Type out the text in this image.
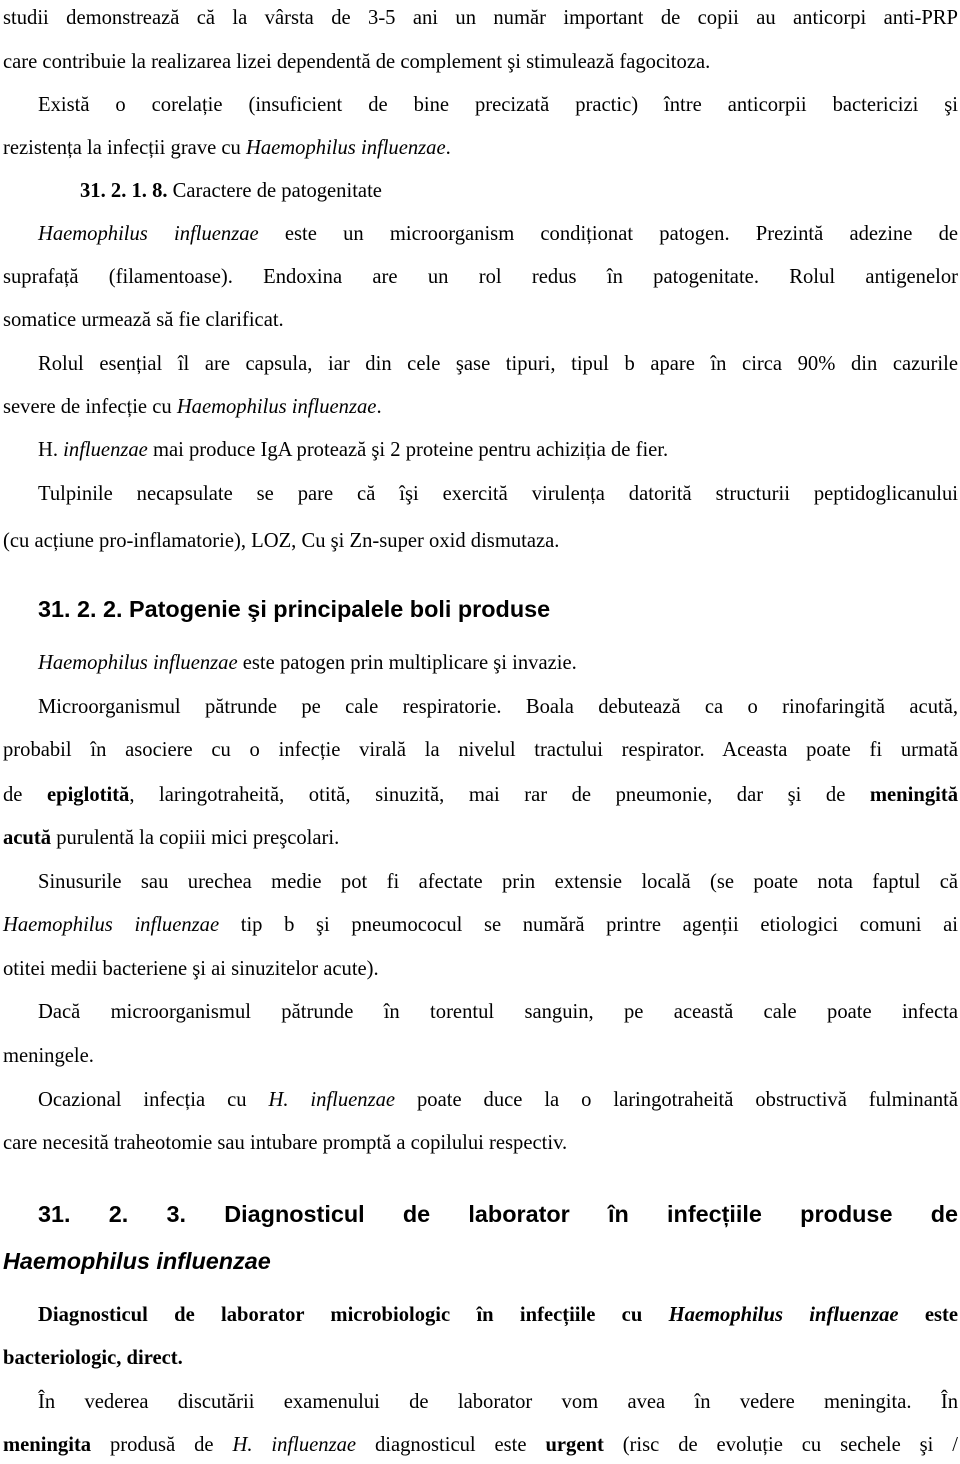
studii demonstrează că la vârsta de 3-5 ani un număr important de copii au anticorpi anti-PRP
care contribuie la realizarea lizei dependentă de complement şi stimulează fagocitoza.
Există o corelație (insuficient de bine precizată practic) între anticorpii bactericizi şi
rezistența la infecții grave cu Haemophilus influenzae.
31. 2. 1. 8. Caractere de patogenitate
Haemophilus influenzae este un microorganism condiționat patogen. Prezintă adezine de
suprafață (filamentoase). Endoxina are un rol redus în patogenitate. Rolul antigenelor
somatice urmează să fie clarificat.
Rolul esențial îl are capsula, iar din cele şase tipuri, tipul b apare în circa 90% din cazurile
severe de infecție cu Haemophilus influenzae.
H. influenzae mai produce IgA protează şi 2 proteine pentru achiziția de fier.
Tulpinile necapsulate se pare că îşi exercită virulența datorită structurii peptidoglicanului
(cu acțiune pro-inflamatorie), LOZ, Cu şi Zn-super oxid dismutaza.
31. 2. 2. Patogenie şi principalele boli produse
Haemophilus influenzae este patogen prin multiplicare şi invazie.
Microorganismul pătrunde pe cale respiratorie. Boala debutează ca o rinofaringită acută,
probabil în asociere cu o infecție virală la nivelul tractului respirator. Aceasta poate fi urmată
de epiglotită, laringotraheită, otită, sinuzită, mai rar de pneumonie, dar şi de meningită
acută purulentă la copiii mici preşcolari.
Sinusurile sau urechea medie pot fi afectate prin extensie locală (se poate nota faptul că
Haemophilus influenzae tip b şi pneumococul se numără printre agenții etiologici comuni ai
otitei medii bacteriene şi ai sinuzitelor acute).
Dacă microorganismul pătrunde în torentul sanguin, pe această cale poate infecta
meningele.
Ocazional infecția cu H. influenzae poate duce la o laringotraheită obstructivă fulminantă
care necesită traheotomie sau intubare promptă a copilului respectiv.
31. 2. 3. Diagnosticul de laborator în infecțiile produse de
Haemophilus influenzae
Diagnosticul de laborator microbiologic în infecțiile cu Haemophilus influenzae este
bacteriologic, direct.
În vederea discutării examenului de laborator vom avea în vedere meningita. În
meningita produsă de H. influenzae diagnosticul este urgent (risc de evoluție cu sechele şi /
